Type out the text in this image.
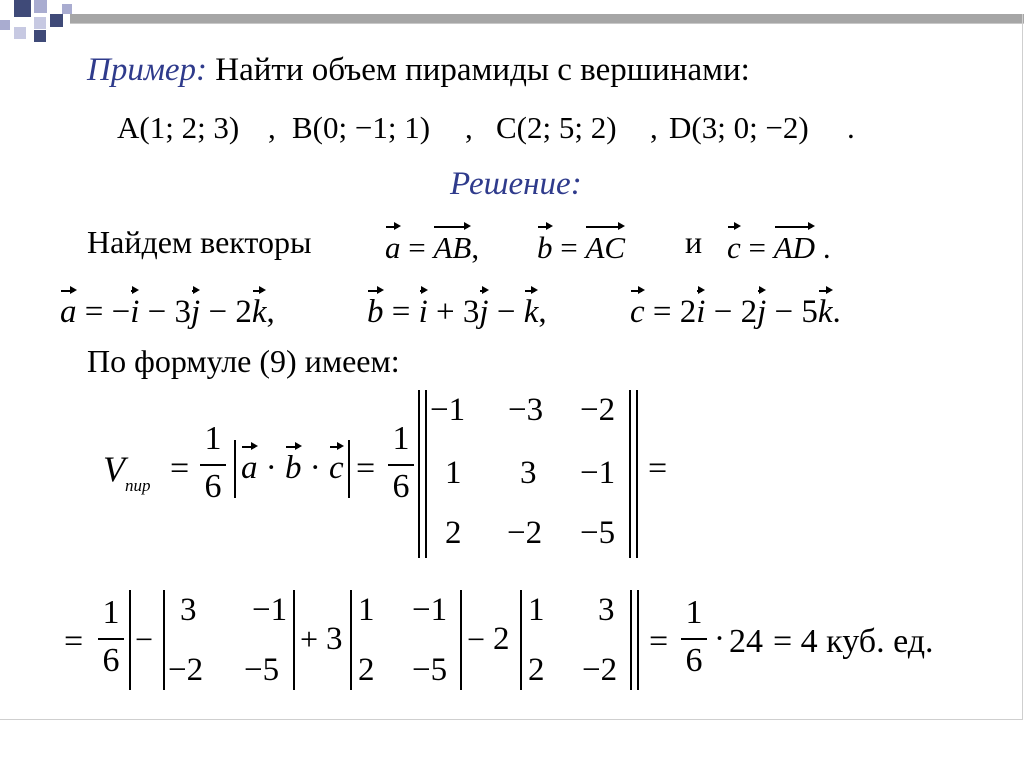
Пример: Найти объем пирамиды с вершинами:
A(1; 2; 3) , B(0; −1; 1) , C(2; 5; 2) , D(3; 0; −2) .
Решение:
Найдем векторы a
= AB
, b
= AC и c
= AD
.
a
= −i
− 3j
− 2k
,	b
= i
+ 3j
− k
,	c
= 2i
− 2j
− 5k
.
По формуле (9) имеем:
V пир =
1
6 a
· b
· c =
1
6
−1 −3 −2
1 3 −1
2 −2 −5
=
=
1
6
−
3 −1
−2 −5
+ 3
1 −1
2 −5
− 2
1 3
2 −2
=
1
6
· 24 = 4 куб. ед.
